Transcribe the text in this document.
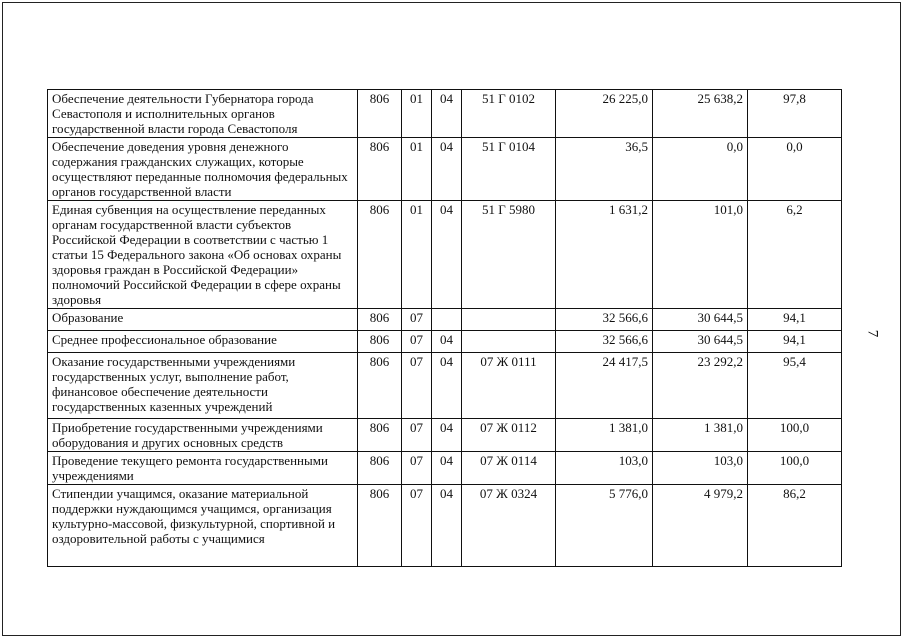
Обеспечение деятельности Губернатора города Севастополя и исполнительных органов государственной власти города Севастополя	806	01	04	51 Г 0102	26 225,0	25 638,2	97,8
Обеспечение доведения уровня денежного содержания гражданских служащих, которые осуществляют переданные полномочия федеральных органов государственной власти	806	01	04	51 Г 0104	36,5	0,0	0,0
Единая субвенция на осуществление переданных органам государственной власти субъектов Российской Федерации в соответствии с частью 1 статьи 15 Федерального закона «Об основах охраны здоровья граждан в Российской Федерации» полномочий Российской Федерации в сфере охраны здоровья	806	01	04	51 Г 5980	1 631,2	101,0	6,2
Образование	806	07			32 566,6	30 644,5	94,1
Среднее профессиональное образование	806	07	04		32 566,6	30 644,5	94,1
Оказание государственными учреждениями государственных услуг, выполнение работ, финансовое обеспечение деятельности государственных казенных учреждений	806	07	04	07 Ж 0111	24 417,5	23 292,2	95,4
Приобретение государственными учреждениями оборудования и других основных средств	806	07	04	07 Ж 0112	1 381,0	1 381,0	100,0
Проведение текущего ремонта государственными учреждениями	806	07	04	07 Ж 0114	103,0	103,0	100,0
Стипендии учащимся, оказание материальной поддержки нуждающимся учащимся, организация культурно-массовой, физкультурной, спортивной и оздоровительной работы с учащимися	806	07	04	07 Ж 0324	5 776,0	4 979,2	86,2
7
